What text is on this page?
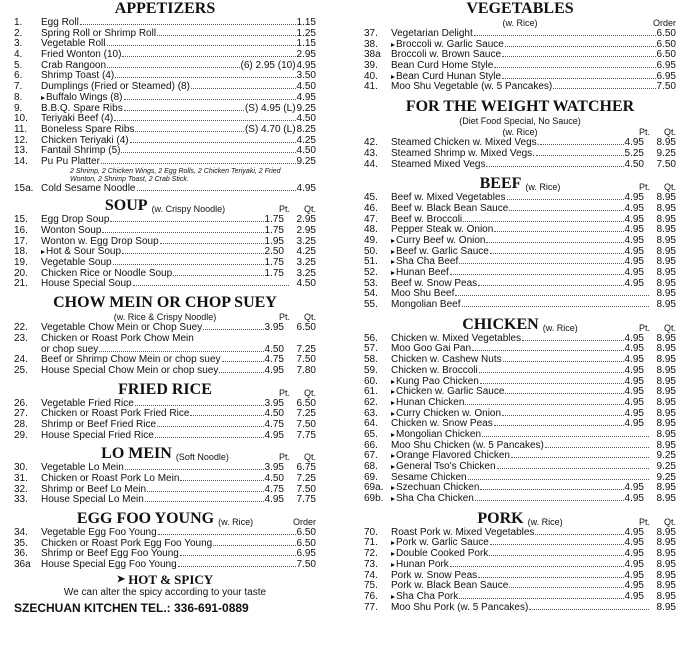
APPETIZERS
1.	Egg Roll	1.15
2.	Spring Roll or Shrimp Roll	1.25
3.	Vegetable Roll	1.15
4.	Fried Wonton (10)	2.95
5.	Crab Rangoon	(6) 2.95 (10) 4.95
6.	Shrimp Toast (4)	3.50
7.	Dumplings (Fried or Steamed) (8)	4.50
8.	Buffalo Wings (8)	4.95
9.	B.B.Q. Spare Ribs	(S) 4.95 (L) 9.25
10.	Teriyaki Beef (4)	4.50
11.	Boneless Spare Ribs	(S) 4.70 (L) 8.25
12.	Chicken Teriyaki (4)	4.25
13.	Fantail Shrimp (5)	4.50
14.	Pu Pu Platter	9.25
2 Shrimp, 2 Chicken Wings, 2 Egg Rolls, 2 Chicken Teriyaki, 2 Fried Wonton, 2 Shrimp Toast, 2 Crab Stick.
15a. Cold Sesame Noodle	4.95
SOUP (w. Crispy Noodle)	Pt. Qt.
15.	Egg Drop Soup	1.75	2.95
16.	Wonton Soup	1.75	2.95
17.	Wonton w. Egg Drop Soup	1.95	3.25
18.	Hot & Sour Soup	2.50	4.25
19.	Vegetable Soup	1.75	3.25
20.	Chicken Rice or Noodle Soup	1.75	3.25
21.	House Special Soup	4.50
CHOW MEIN OR CHOP SUEY
(w. Rice & Crispy Noodle)	Pt. Qt.
22.	Vegetable Chow Mein or Chop Suey	3.95	6.50
23.	Chicken or Roast Pork Chow Mein
or chop suey	4.50	7.25
24.	Beef or Shrimp Chow Mein or chop suey	4.75	7.50
25.	House Special Chow Mein or chop suey	4.95	7.80
FRIED RICE	Pt. Qt.
26.	Vegetable Fried Rice	3.95	6.50
27.	Chicken or Roast Pork Fried Rice	4.50	7.25
28.	Shrimp or Beef Fried Rice	4.75	7.50
29.	House Special Fried Rice	4.95	7.75
LO MEIN (Soft Noodle)	Pt. Qt.
30.	Vegetable Lo Mein	3.95	6.75
31.	Chicken or Roast Pork Lo Mein	4.50	7.25
32.	Shrimp or Beef Lo Mein	4.75	7.50
33.	House Special Lo Mein	4.95	7.75
EGG FOO YOUNG (w. Rice)	Order
34.	Vegetable Egg Foo Young	6.50
35.	Chicken or Roast Pork Egg Foo Young	6.50
36.	Shrimp or Beef Egg Foo Young	6.95
36a	House Special Egg Foo Young	7.50
➤ HOT & SPICY
We can alter the spicy according to your taste
SZECHUAN KITCHEN TEL.: 336-691-0889
VEGETABLES
(w. Rice)	Order
37.	Vegetarian Delight	6.50
38.	Broccoli w. Garlic Sauce	6.50
38a	Broccoli w. Brown Sauce	6.50
39.	Bean Curd Home Style	6.95
40.	Bean Curd Hunan Style	6.95
41.	Moo Shu Vegetable (w. 5 Pancakes)	7.50
FOR THE WEIGHT WATCHER
(Diet Food Special, No Sauce)
(w. Rice)	Pt. Qt.
42.	Steamed Chicken w. Mixed Vegs.	4.95	8.95
43.	Steamed Shrimp w. Mixed Vegs.	5.25	9.25
44.	Steamed Mixed Vegs.	4.50	7.50
BEEF (w. Rice)	Pt. Qt.
45.	Beef w. Mixed Vegetables	4.95	8.95
46.	Beef w. Black Bean Sauce	4.95	8.95
47.	Beef w. Broccoli	4.95	8.95
48.	Pepper Steak w. Onion	4.95	8.95
49.	Curry Beef w. Onion	4.95	8.95
50.	Beef w. Garlic Sauce	4.95	8.95
51.	Sha Cha Beef	4.95	8.95
52.	Hunan Beef	4.95	8.95
53.	Beef w. Snow Peas	4.95	8.95
54.	Moo Shu Beef	8.95
55.	Mongolian Beef	8.95
CHICKEN (w. Rice)	Pt. Qt.
56.	Chicken w. Mixed Vegetables	4.95	8.95
57.	Moo Goo Gai Pan	4.95	8.95
58.	Chicken w. Cashew Nuts	4.95	8.95
59.	Chicken w. Broccoli	4.95	8.95
60.	Kung Pao Chicken	4.95	8.95
61.	Chicken w. Garlic Sauce	4.95	8.95
62.	Hunan Chicken	4.95	8.95
63.	Curry Chicken w. Onion	4.95	8.95
64.	Chicken w. Snow Peas	4.95	8.95
65.	Mongolian Chicken	8.95
66.	Moo Shu Chicken (w. 5 Pancakes)	8.95
67.	Orange Flavored Chicken	9.25
68.	General Tso's Chicken	9.25
69.	Sesame Chicken	9.25
69a.	Szechuan Chicken	4.95	8.95
69b.	Sha Cha Chicken	4.95	8.95
PORK (w. Rice)	Pt. Qt.
70.	Roast Pork w. Mixed Vegetables	4.95	8.95
71.	Pork w. Garlic Sauce	4.95	8.95
72.	Double Cooked Pork	4.95	8.95
73.	Hunan Pork	4.95	8.95
74.	Pork w. Snow Peas	4.95	8.95
75.	Pork w. Black Bean Sauce	4.95	8.95
76.	Sha Cha Pork	4.95	8.95
77.	Moo Shu Pork (w. 5 Pancakes)	8.95
